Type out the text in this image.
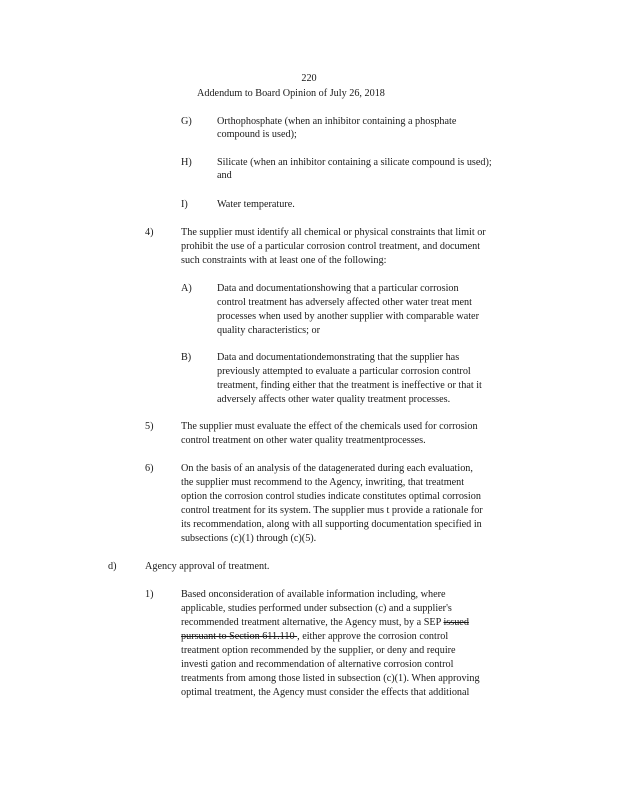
220
Addendum to Board Opinion of July 26, 2018
G) Orthophosphate (when an inhibitor containing a phosphate
compound is used);
H) Silicate (when an inhibitor containing a silicate compound is used);
and
I)	Water temperature.
4)	The supplier must identify all chemical or physical constraints that limit or
prohibit the use of a particular corrosion control treatment, and document
such constraints with at least one of the following:
A) Data and documentationshowing that a particular corrosion
control treatment has adversely affected other water treat ment
processes when used by another supplier with comparable water
quality characteristics; or
B)	Data and documentationdemonstrating that the supplier has
previously attempted to evaluate a particular corrosion control
treatment, finding either that the treatment is ineffective or that it
adversely affects other water quality treatment processes.
5)	The supplier must evaluate the effect of the chemicals used for corrosion
control treatment on other water quality treatmentprocesses.
6)	On the basis of an analysis of the datagenerated during each evaluation,
the supplier must recommend to the Agency, inwriting, that treatment
option the corrosion control studies indicate constitutes optimal corrosion
control treatment for its system. The supplier mus t provide a rationale for
its recommendation, along with all supporting documentation specified in
subsections (c)(1) through (c)(5).
d)	Agency approval of treatment.
1)	Based onconsideration of available information including, where
applicable, studies performed under subsection (c) and a supplier's
recommended treatment alternative, the Agency must, by a SEP issued
pursuant to Section 611.110 , either approve the corrosion control
treatment option recommended by the supplier, or deny and require
investi gation and recommendation of alternative corrosion control
treatments from among those listed in subsection (c)(1). When approving
optimal treatment, the Agency must consider the effects that additional
